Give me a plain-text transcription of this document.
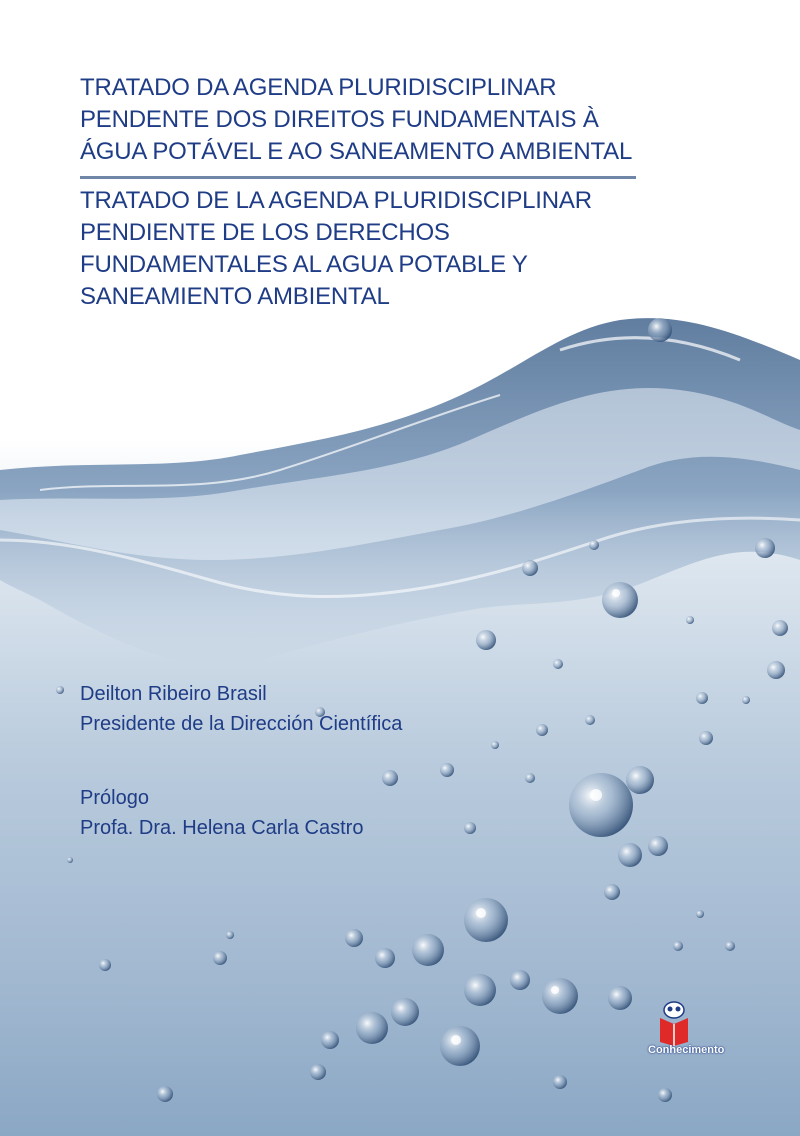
TRATADO DA AGENDA PLURIDISCIPLINAR PENDENTE DOS DIREITOS FUNDAMENTAIS À ÁGUA POTÁVEL E AO SANEAMENTO AMBIENTAL
TRATADO DE LA AGENDA PLURIDISCIPLINAR PENDIENTE DE LOS DERECHOS FUNDAMENTALES AL AGUA POTABLE Y SANEAMIENTO AMBIENTAL

Deilton Ribeiro Brasil

Presidente de la Dirección Científica

Prólogo

Profa. Dra. Helena Carla Castro

Conhecimento
